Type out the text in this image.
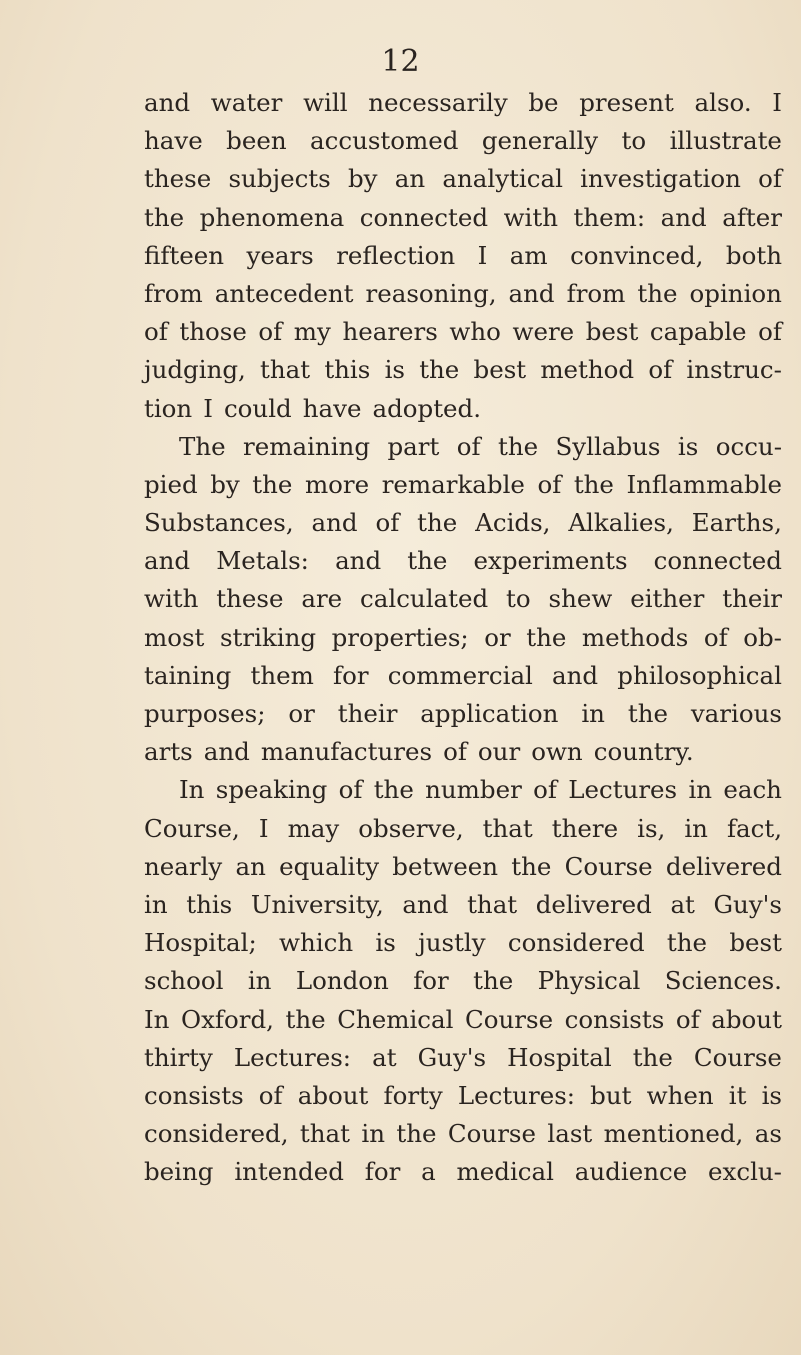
12
and water will necessarily be present also. I
have been accustomed generally to illustrate
these subjects by an analytical investigation of
the phenomena connected with them: and after
fifteen years reflection I am convinced, both
from antecedent reasoning, and from the opinion
of those of my hearers who were best capable of
judging, that this is the best method of instruc-
tion I could have adopted.
The remaining part of the Syllabus is occu-
pied by the more remarkable of the Inflammable
Substances, and of the Acids, Alkalies, Earths,
and Metals: and the experiments connected
with these are calculated to shew either their
most striking properties; or the methods of ob-
taining them for commercial and philosophical
purposes; or their application in the various
arts and manufactures of our own country.
In speaking of the number of Lectures in each
Course, I may observe, that there is, in fact,
nearly an equality between the Course delivered
in this University, and that delivered at Guy's
Hospital; which is justly considered the best
school in London for the Physical Sciences.
In Oxford, the Chemical Course consists of about
thirty Lectures: at Guy's Hospital the Course
consists of about forty Lectures: but when it is
considered, that in the Course last mentioned, as
being intended for a medical audience exclu-
